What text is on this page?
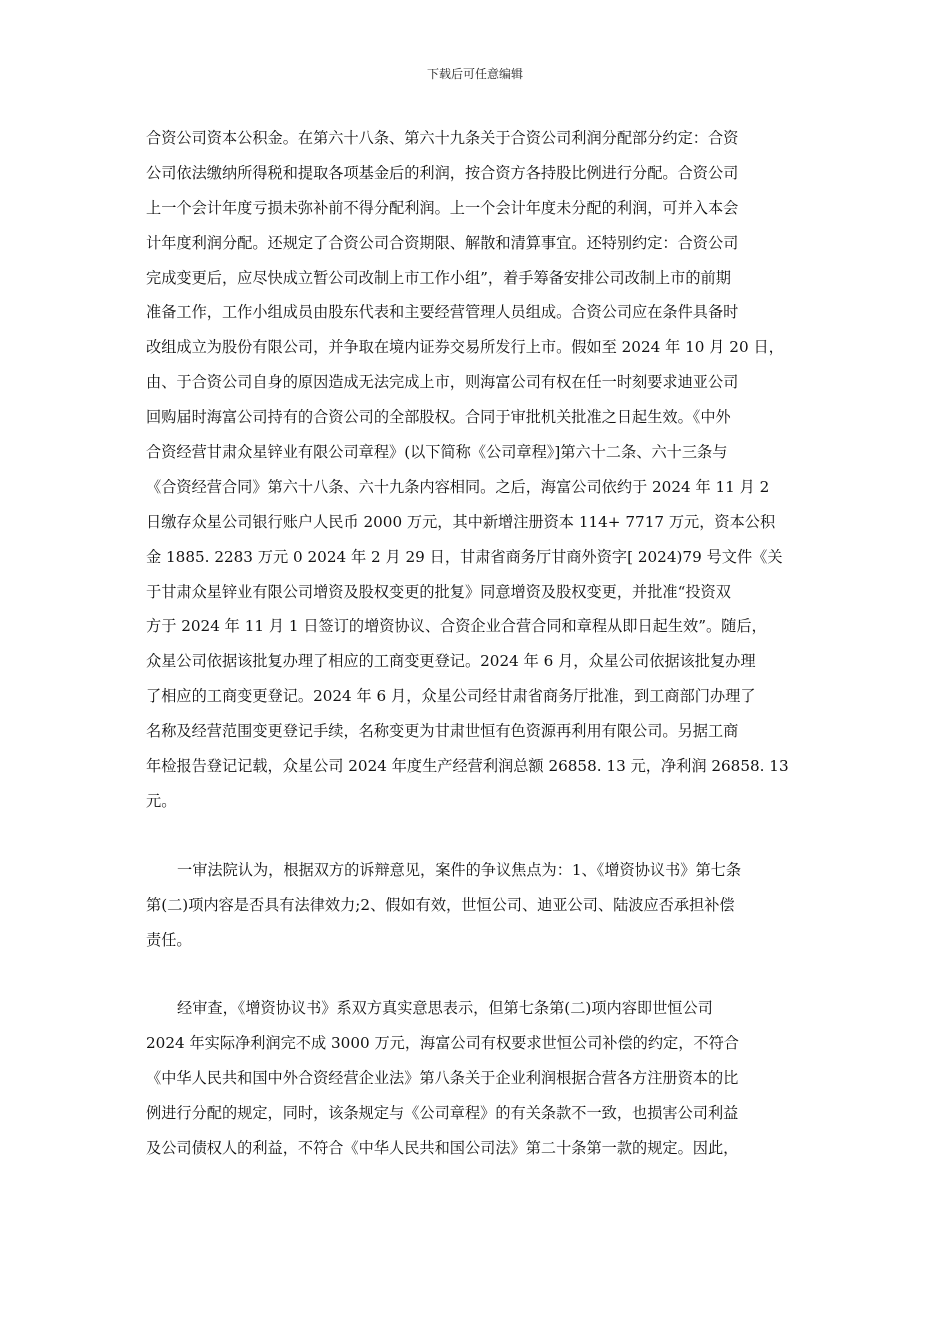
下载后可任意编辑
合资公司资本公积金。在第六十八条、第六十九条关于合资公司利润分配部分约定：合资
公司依法缴纳所得税和提取各项基金后的利润，按合资方各持股比例进行分配。合资公司
上一个会计年度亏损未弥补前不得分配利润。上一个会计年度未分配的利润，可并入本会
计年度利润分配。还规定了合资公司合资期限、解散和清算事宜。还特别约定：合资公司
完成变更后，应尽快成立暂公司改制上市工作小组”，着手筹备安排公司改制上市的前期
准备工作，工作小组成员由股东代表和主要经营管理人员组成。合资公司应在条件具备时
改组成立为股份有限公司，并争取在境内证券交易所发行上市。假如至 2024 年 10 月 20 日，
由、于合资公司自身的原因造成无法完成上市，则海富公司有权在任一时刻要求迪亚公司
回购届时海富公司持有的合资公司的全部股权。合同于审批机关批准之日起生效。《中外
合资经营甘肃众星锌业有限公司章程》(以下简称《公司章程》]第六十二条、六十三条与
《合资经营合同》第六十八条、六十九条内容相同。之后，海富公司依约于 2024 年 11 月 2
日缴存众星公司银行账户人民币 2000 万元，其中新增注册资本 114+ 7717 万元，资本公积
金 1885. 2283 万元 0 2024 年 2 月 29 日，甘肃省商务厅甘商外资字[ 2024)79 号文件《关
于甘肃众星锌业有限公司增资及股权变更的批复》同意增资及股权变更，并批准“投资双
方于 2024 年 11 月 1 日签订的增资协议、合资企业合营合同和章程从即日起生效”。随后，
众星公司依据该批复办理了相应的工商变更登记。2024 年 6 月，众星公司依据该批复办理
了相应的工商变更登记。2024 年 6 月，众星公司经甘肃省商务厅批准，到工商部门办理了
名称及经营范围变更登记手续，名称变更为甘肃世恒有色资源再利用有限公司。另据工商
年检报告登记记载，众星公司 2024 年度生产经营利润总额 26858. 13 元，净利润 26858. 13
元。
一审法院认为，根据双方的诉辩意见，案件的争议焦点为：1、《增资协议书》第七条
第(二)项内容是否具有法律效力;2、假如有效，世恒公司、迪亚公司、陆波应否承担补偿
责任。
经审查，《增资协议书》系双方真实意思表示，但第七条第(二)项内容即世恒公司
2024 年实际净利润完不成 3000 万元，海富公司有权要求世恒公司补偿的约定，不符合
《中华人民共和国中外合资经营企业法》第八条关于企业利润根据合营各方注册资本的比
例进行分配的规定，同时，该条规定与《公司章程》的有关条款不一致，也损害公司利益
及公司债权人的利益，不符合《中华人民共和国公司法》第二十条第一款的规定。因此，
